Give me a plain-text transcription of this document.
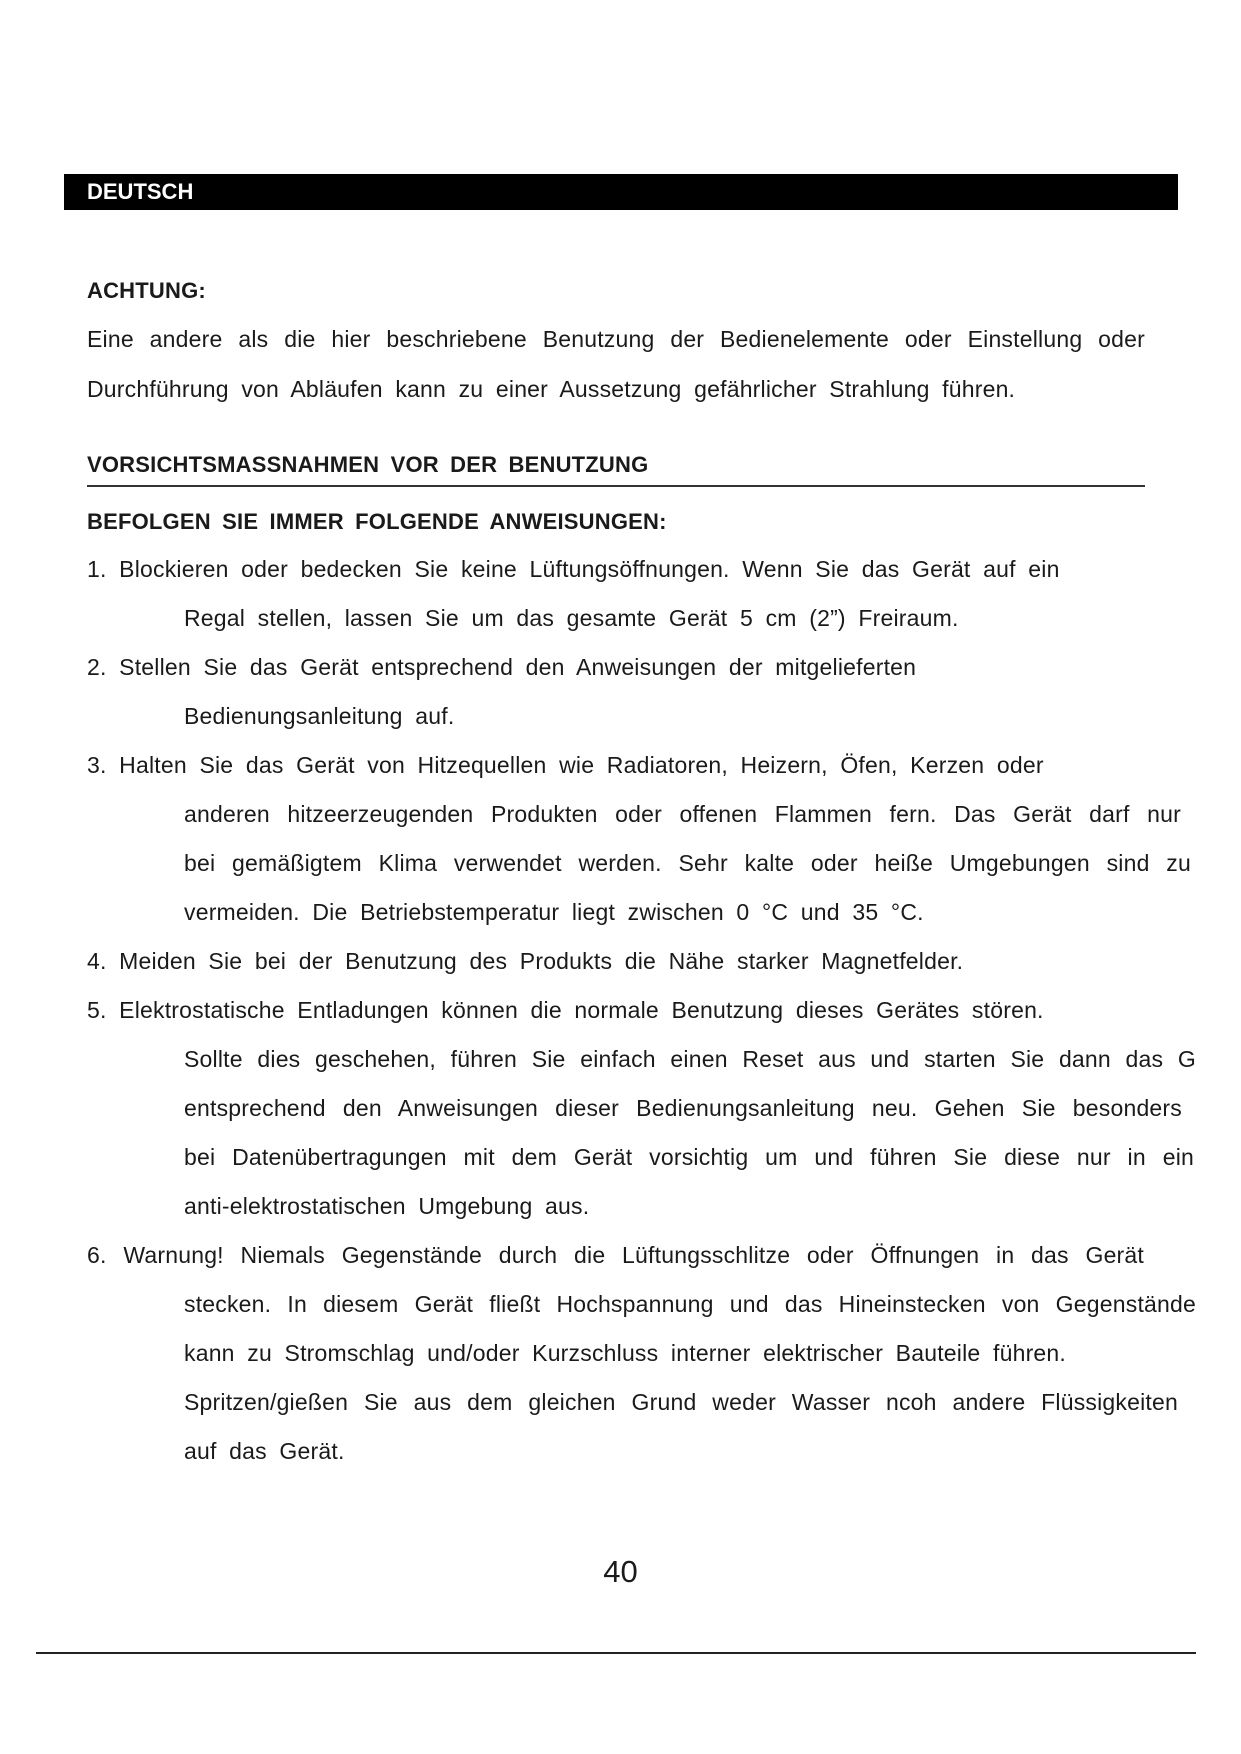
DEUTSCH
ACHTUNG:
Eine andere als die hier beschriebene Benutzung der Bedienelemente oder Einstellung oder
Durchführung von Abläufen kann zu einer Aussetzung gefährlicher Strahlung führen.
VORSICHTSMASSNAHMEN VOR DER BENUTZUNG
BEFOLGEN SIE IMMER FOLGENDE ANWEISUNGEN:
1. Blockieren oder bedecken Sie keine Lüftungsöffnungen. Wenn Sie das Gerät auf ein
Regal stellen, lassen Sie um das gesamte Gerät 5 cm (2”) Freiraum.
2. Stellen Sie das Gerät entsprechend den Anweisungen der mitgelieferten
Bedienungsanleitung auf.
3. Halten Sie das Gerät von Hitzequellen wie Radiatoren, Heizern, Öfen, Kerzen oder
anderen hitzeerzeugenden Produkten oder offenen Flammen fern. Das Gerät darf nur
bei gemäßigtem Klima verwendet werden. Sehr kalte oder heiße Umgebungen sind zu
vermeiden. Die Betriebstemperatur liegt zwischen 0 °C und 35 °C.
4. Meiden Sie bei der Benutzung des Produkts die Nähe starker Magnetfelder.
5. Elektrostatische Entladungen können die normale Benutzung dieses Gerätes stören.
Sollte dies geschehen, führen Sie einfach einen Reset aus und starten Sie dann das G
entsprechend den Anweisungen dieser Bedienungsanleitung neu. Gehen Sie besonders
bei Datenübertragungen mit dem Gerät vorsichtig um und führen Sie diese nur in ein
anti-elektrostatischen Umgebung aus.
6. Warnung! Niemals Gegenstände durch die Lüftungsschlitze oder Öffnungen in das Gerät
stecken. In diesem Gerät fließt Hochspannung und das Hineinstecken von Gegenstände
kann zu Stromschlag und/oder Kurzschluss interner elektrischer Bauteile führen.
Spritzen/gießen Sie aus dem gleichen Grund weder Wasser ncoh andere Flüssigkeiten
auf das Gerät.
40
